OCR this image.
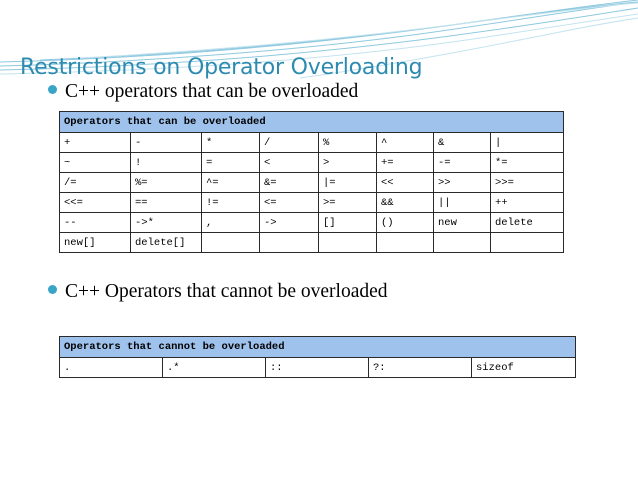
Restrictions on Operator Overloading
C++ operators that can be overloaded
Operators that can be overloaded							
+	-	*	/	%	^	&	|
~	!	=	<	>	+=	-=	*=
/=	%=	^=	&=	|=	<<	>>	>>=
<<=	==	!=	<=	>=	&&	||	++
--	->*	,	->	[]	()	new	delete
new[]	delete[]						
C++ Operators that cannot be overloaded
Operators that cannot be overloaded
.	.*	::	?:	sizeof
